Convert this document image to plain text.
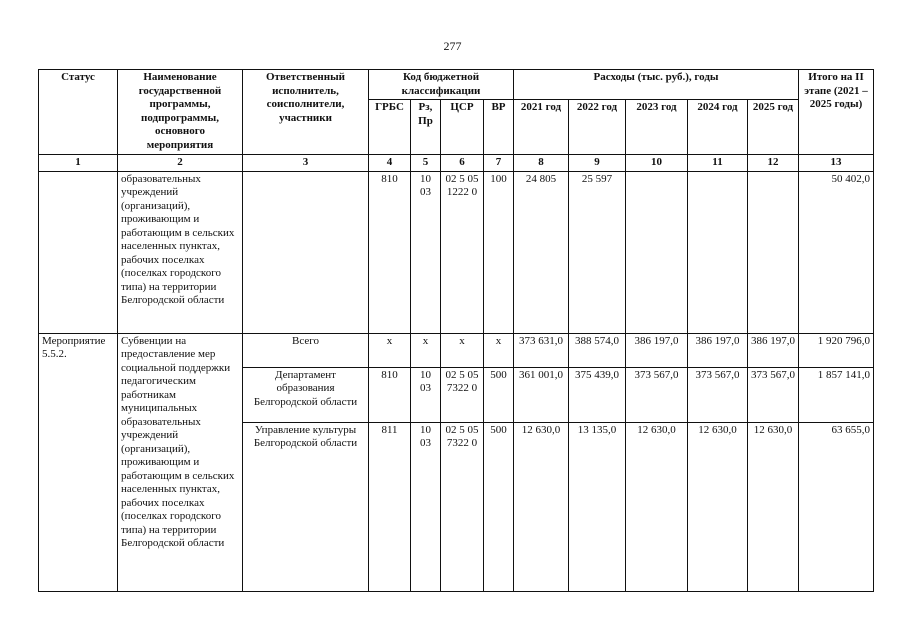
277
Статус	Наименование государственной программы, подпрограммы, основного мероприятия	Ответственный исполнитель, соисполнители, участники	Код бюджетной классификации				Расходы (тыс. руб.), годы					Итого на II этапе (2021 – 2025 годы)
			ГРБС	Рз, Пр	ЦСР	ВР	2021 год	2022 год	2023 год	2024 год	2025 год	
1	2	3	4	5	6	7	8	9	10	11	12	13
	образовательных учреждений (организаций), проживающим и работающим в сельских населенных пунктах, рабочих поселках (поселках городского типа) на территории Белгородской области		810	10 03	02 5 05 1222 0	100	24 805	25 597				50 402,0
Мероприятие 5.5.2.	Субвенции на предоставление мер социальной поддержки педагогическим работникам муниципальных образовательных учреждений (организаций), проживающим и работающим в сельских населенных пунктах, рабочих поселках (поселках городского типа) на территории Белгородской области	Всего	х	х	х	х	373 631,0	388 574,0	386 197,0	386 197,0	386 197,0	1 920 796,0
		Департамент образования Белгородской области	810	10 03	02 5 05 7322 0	500	361 001,0	375 439,0	373 567,0	373 567,0	373 567,0	1 857 141,0
		Управление культуры Белгородской области	811	10 03	02 5 05 7322 0	500	12 630,0	13 135,0	12 630,0	12 630,0	12 630,0	63 655,0
